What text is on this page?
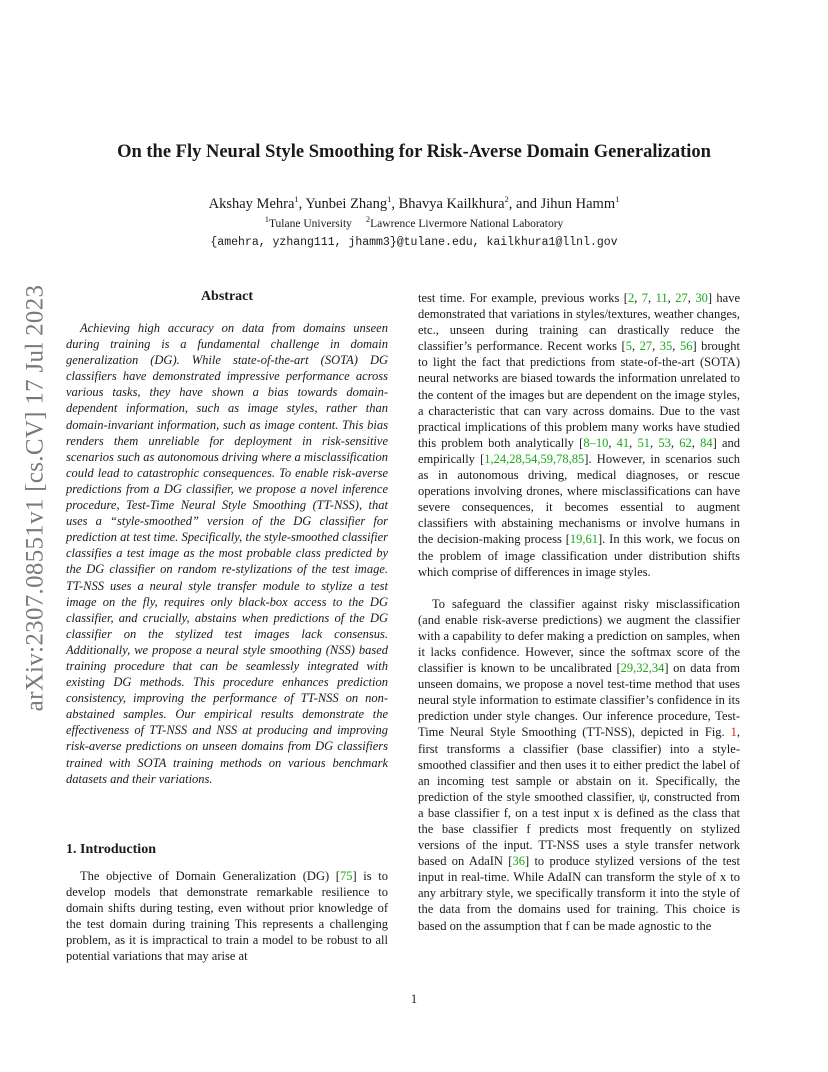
arXiv:2307.08551v1 [cs.CV] 17 Jul 2023
On the Fly Neural Style Smoothing for Risk-Averse Domain Generalization
Akshay Mehra$^1$, Yunbei Zhang$^1$, Bhavya Kailkhura$^2$, and Jihun Hamm$^1$
$^1$Tulane University $^2$Lawrence Livermore National Laboratory
{amehra, yzhang111, jhamm3}@tulane.edu, kailkhura1@llnl.gov
Abstract
Achieving high accuracy on data from domains unseen during training is a fundamental challenge in domain generalization (DG). While state-of-the-art (SOTA) DG classifiers have demonstrated impressive performance across various tasks, they have shown a bias towards domain-dependent information, such as image styles, rather than domain-invariant information, such as image content. This bias renders them unreliable for deployment in risk-sensitive scenarios such as autonomous driving where a misclassification could lead to catastrophic consequences. To enable risk-averse predictions from a DG classifier, we propose a novel inference procedure, Test-Time Neural Style Smoothing (TT-NSS), that uses a “style-smoothed” version of the DG classifier for prediction at test time. Specifically, the style-smoothed classifier classifies a test image as the most probable class predicted by the DG classifier on random re-stylizations of the test image. TT-NSS uses a neural style transfer module to stylize a test image on the fly, requires only black-box access to the DG classifier, and crucially, abstains when predictions of the DG classifier on the stylized test images lack consensus. Additionally, we propose a neural style smoothing (NSS) based training procedure that can be seamlessly integrated with existing DG methods. This procedure enhances prediction consistency, improving the performance of TT-NSS on non-abstained samples. Our empirical results demonstrate the effectiveness of TT-NSS and NSS at producing and improving risk-averse predictions on unseen domains from DG classifiers trained with SOTA training methods on various benchmark datasets and their variations.
1. Introduction

The objective of Domain Generalization (DG) [75] is to develop models that demonstrate remarkable resilience to domain shifts during testing, even without prior knowledge of the test domain during training This represents a challenging problem, as it is impractical to train a model to be robust to all potential variations that may arise at

test time. For example, previous works [2, 7, 11, 27, 30] have demonstrated that variations in styles/textures, weather changes, etc., unseen during training can drastically reduce the classifier’s performance. Recent works [5, 27, 35, 56] brought to light the fact that predictions from state-of-the-art (SOTA) neural networks are biased towards the information unrelated to the content of the images but are dependent on the image styles, a characteristic that can vary across domains. Due to the vast practical implications of this problem many works have studied this problem both analytically [8–10, 41, 51, 53, 62, 84] and empirically [1,24,28,54,59,78,85]. However, in scenarios such as in autonomous driving, medical diagnoses, or rescue operations involving drones, where misclassifications can have severe consequences, it becomes essential to augment classifiers with abstaining mechanisms or involve humans in the decision-making process [19,61]. In this work, we focus on the problem of image classification under distribution shifts which comprise of differences in image styles.

To safeguard the classifier against risky misclassification (and enable risk-averse predictions) we augment the classifier with a capability to defer making a prediction on samples, when it lacks confidence. However, since the softmax score of the classifier is known to be uncalibrated [29,32,34] on data from unseen domains, we propose a novel test-time method that uses neural style information to estimate classifier’s confidence in its prediction under style changes. Our inference procedure, Test-Time Neural Style Smoothing (TT-NSS), depicted in Fig. 1, first transforms a classifier (base classifier) into a style-smoothed classifier and then uses it to either predict the label of an incoming test sample or abstain on it. Specifically, the prediction of the style smoothed classifier, ψ, constructed from a base classifier f, on a test input x is defined as the class that the base classifier f predicts most frequently on stylized versions of the input. TT-NSS uses a style transfer network based on AdaIN [36] to produce stylized versions of the test input in real-time. While AdaIN can transform the style of x to any arbitrary style, we specifically transform it into the style of the data from the domains used for training. This choice is based on the assumption that f can be made agnostic to the

1
